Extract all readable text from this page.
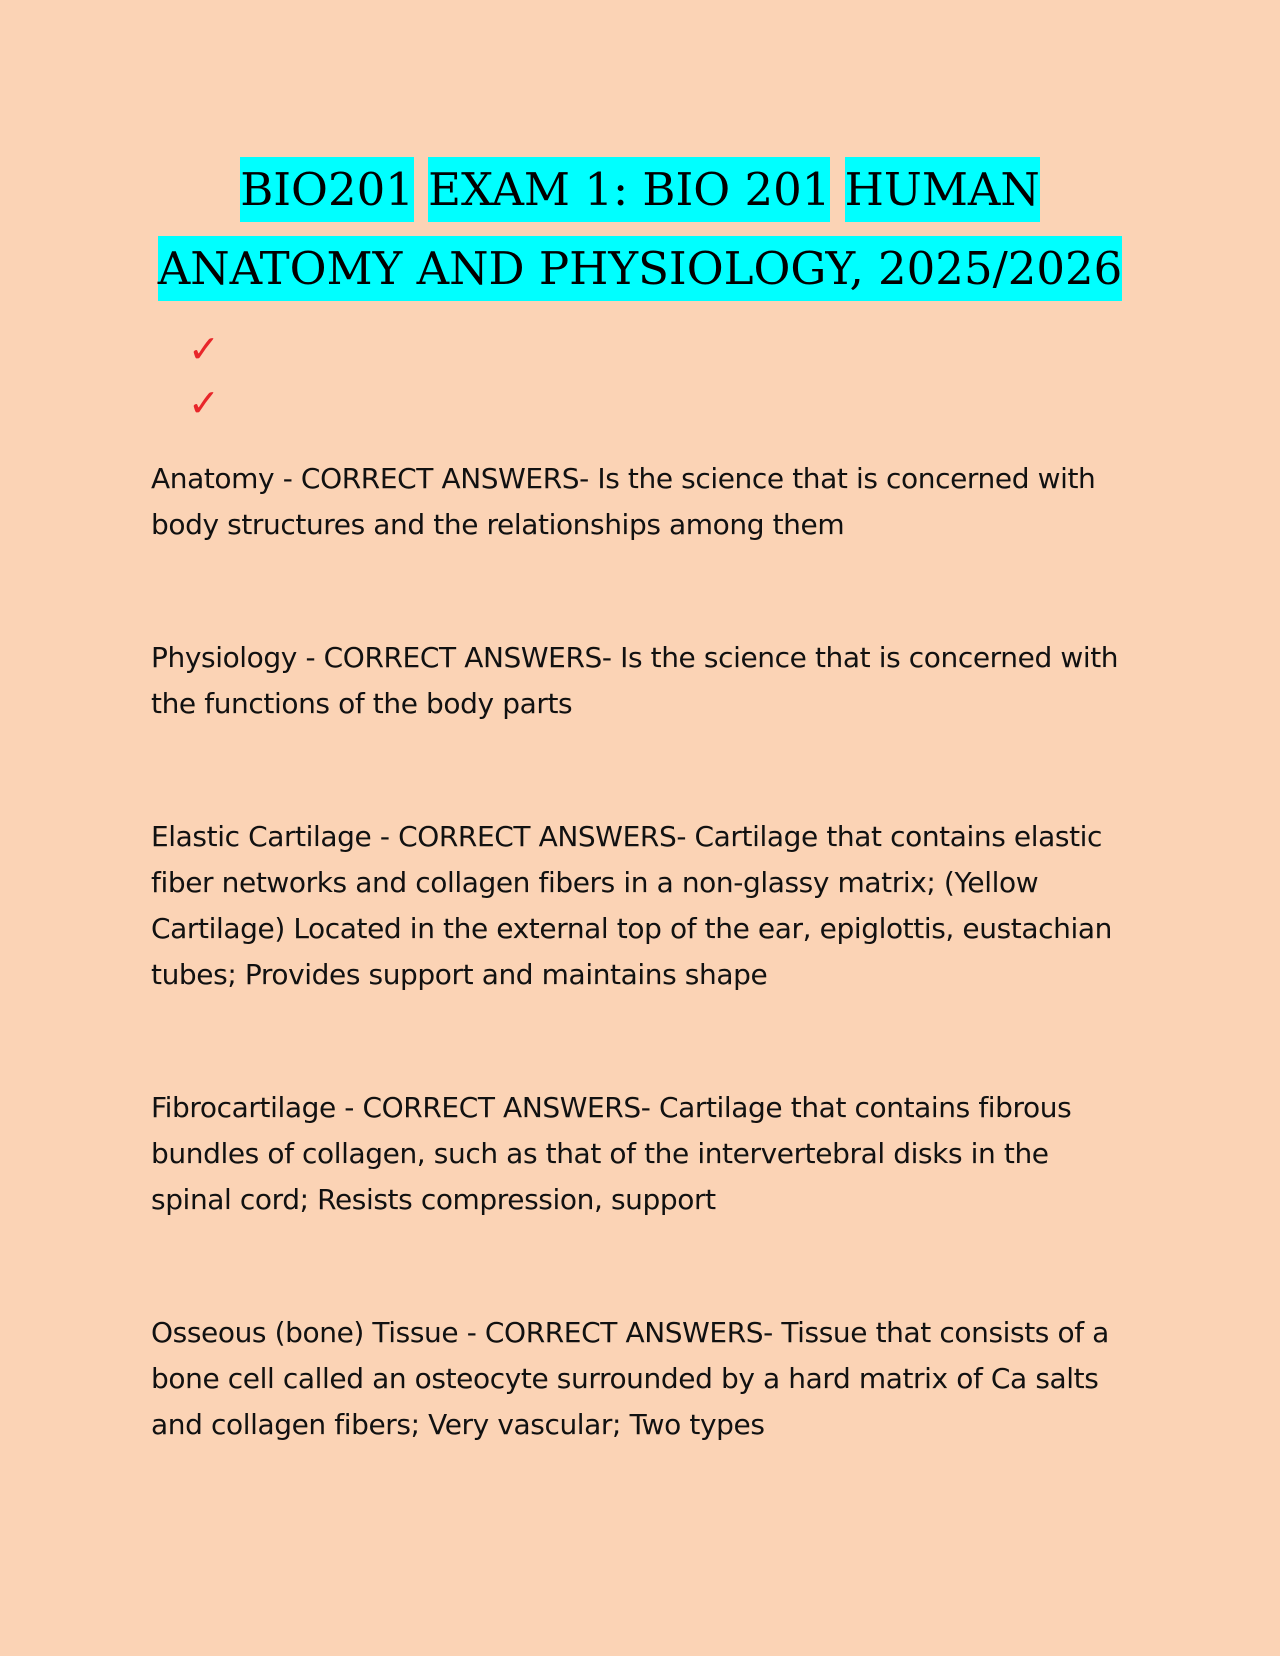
BIO201 EXAM 1: BIO 201 HUMAN ANATOMY AND PHYSIOLOGY, 2025/2026
✓
✓

Anatomy - CORRECT ANSWERS- Is the science that is concerned with body structures and the relationships among them

Physiology - CORRECT ANSWERS- Is the science that is concerned with the functions of the body parts

Elastic Cartilage - CORRECT ANSWERS- Cartilage that contains elastic fiber networks and collagen fibers in a non-glassy matrix; (Yellow Cartilage) Located in the external top of the ear, epiglottis, eustachian tubes; Provides support and maintains shape

Fibrocartilage - CORRECT ANSWERS- Cartilage that contains fibrous bundles of collagen, such as that of the intervertebral disks in the spinal cord; Resists compression, support

Osseous (bone) Tissue - CORRECT ANSWERS- Tissue that consists of a bone cell called an osteocyte surrounded by a hard matrix of Ca salts and collagen fibers; Very vascular; Two types
